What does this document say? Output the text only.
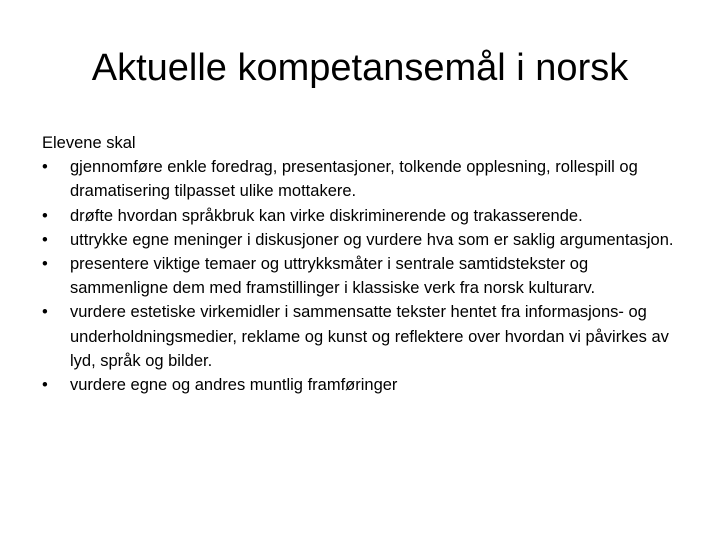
Aktuelle kompetansemål i norsk

Elevene skal

•	gjennomføre enkle foredrag, presentasjoner, tolkende opplesning, rollespill og dramatisering tilpasset ulike mottakere.
•	drøfte hvordan språkbruk kan virke diskriminerende og trakasserende.
•	uttrykke egne meninger i diskusjoner og vurdere hva som er saklig argumentasjon.
•	presentere viktige temaer og uttrykksmåter i sentrale samtidstekster og sammenligne dem med framstillinger i klassiske verk fra norsk kulturarv.
•	vurdere estetiske virkemidler i sammensatte tekster hentet fra informasjons- og underholdningsmedier, reklame og kunst og reflektere over hvordan vi påvirkes av lyd, språk og bilder.
•	vurdere egne og andres muntlig framføringer
